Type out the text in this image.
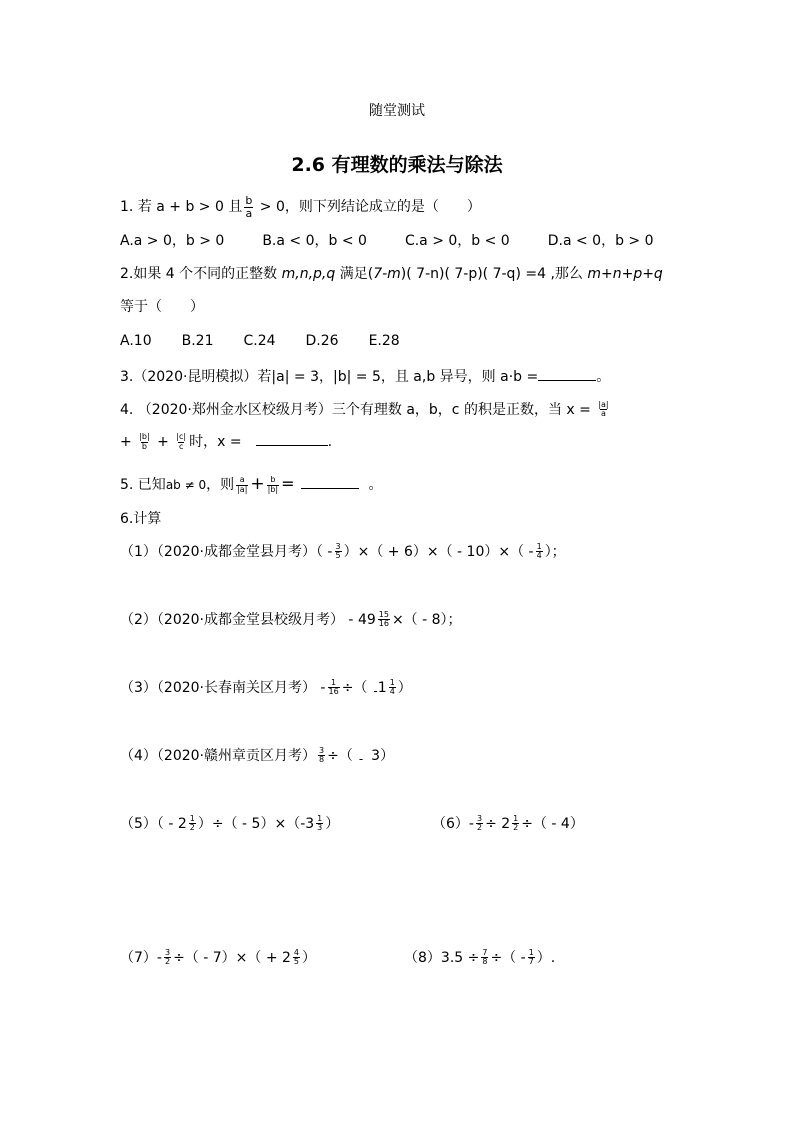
随堂测试
2.6 有理数的乘法与除法
1. 若 a + b > 0 且 $\frac{b}{a} > 0$，则下列结论成立的是（　　）
A.a > 0，b > 0	B.a < 0，b < 0	C.a > 0，b < 0	D.a < 0，b > 0
2.如果 4 个不同的正整数 m,n,p,q 满足(7-m)( 7-n)( 7-p)( 7-q) =4 ,那么 m+n+p+q
等于（　　）
A.10 B.21 C.24 D.26 E.28
3.（2020·昆明模拟）若|a| = 3，|b| = 5，且 a,b 异号，则 a·b =	。
4. （2020·郑州金水区校级月考）三个有理数 a，b，c 的积是正数，当 $x = \frac{|a|}{a}$
+ $\frac{|b|}{b} + \frac{|c|}{c}$ 时，x =	.
5. 已知ab ≠ 0，则 $\frac{a}{|a|} + \frac{b}{|b|}$ =	。
6.计算
（1）（2020·成都金堂县月考）（ - $\frac{3}{5}$ ）×（ + $6)\times( - 10)\times( - \frac{1}{4}$ ）；
（2）（2020·成都金堂县校级月考） - $49 \frac{15}{16}$ ×（ - 8）；
（3）（2020·长春南关区月考） - $\frac{1}{16}$ ÷（ $-1 \frac{1}{4}$ ）
（4）（2020·赣州章贡区月考） $\frac{3}{8}$ ÷（ - 3）
$(5)( - 2 \frac{1}{2}$ ）÷（ - $5)\times(-3 \frac{1}{3}$ ）	$(6)- \frac{3}{2} \div 2 \frac{1}{2}$ ÷（ - 4）
$(7)- \frac{3}{2}$ ÷（ - $7)\times( + 2 \frac{4}{5}$ ）	$(8)3.5 \div \frac{7}{8}$ ÷（ - $\frac{1}{7}$ ）.
